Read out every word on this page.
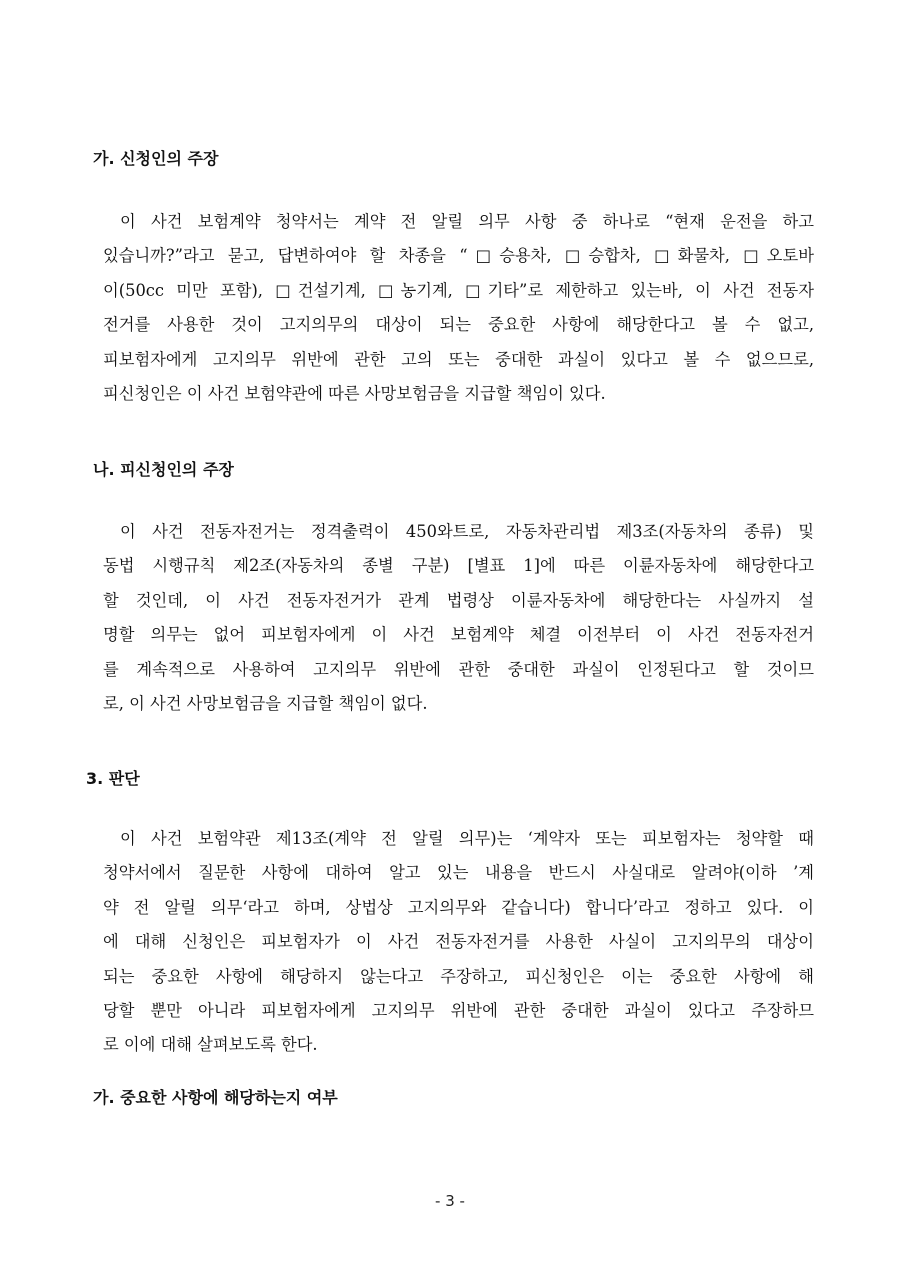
가. 신청인의 주장
이 사건 보험계약 청약서는 계약 전 알릴 의무 사항 중 하나로 “현재 운전을 하고
있습니까?”라고 묻고, 답변하여야 할 차종을 “□승용차, □승합차, □화물차, □오토바
이(50cc 미만 포함), □건설기계, □농기계, □기타”로 제한하고 있는바, 이 사건 전동자
전거를 사용한 것이 고지의무의 대상이 되는 중요한 사항에 해당한다고 볼 수 없고,
피보험자에게 고지의무 위반에 관한 고의 또는 중대한 과실이 있다고 볼 수 없으므로,
피신청인은 이 사건 보험약관에 따른 사망보험금을 지급할 책임이 있다.
나. 피신청인의 주장
이 사건 전동자전거는 정격출력이 450와트로, 자동차관리법 제3조(자동차의 종류) 및
동법 시행규칙 제2조(자동차의 종별 구분) [별표 1]에 따른 이륜자동차에 해당한다고
할 것인데, 이 사건 전동자전거가 관계 법령상 이륜자동차에 해당한다는 사실까지 설
명할 의무는 없어 피보험자에게 이 사건 보험계약 체결 이전부터 이 사건 전동자전거
를 계속적으로 사용하여 고지의무 위반에 관한 중대한 과실이 인정된다고 할 것이므
로, 이 사건 사망보험금을 지급할 책임이 없다.
3. 판단
이 사건 보험약관 제13조(계약 전 알릴 의무)는 ‘계약자 또는 피보험자는 청약할 때
청약서에서 질문한 사항에 대하여 알고 있는 내용을 반드시 사실대로 알려야(이하 ’계
약 전 알릴 의무‘라고 하며, 상법상 고지의무와 같습니다) 합니다’라고 정하고 있다. 이
에 대해 신청인은 피보험자가 이 사건 전동자전거를 사용한 사실이 고지의무의 대상이
되는 중요한 사항에 해당하지 않는다고 주장하고, 피신청인은 이는 중요한 사항에 해
당할 뿐만 아니라 피보험자에게 고지의무 위반에 관한 중대한 과실이 있다고 주장하므
로 이에 대해 살펴보도록 한다.
가. 중요한 사항에 해당하는지 여부
- 3 -
